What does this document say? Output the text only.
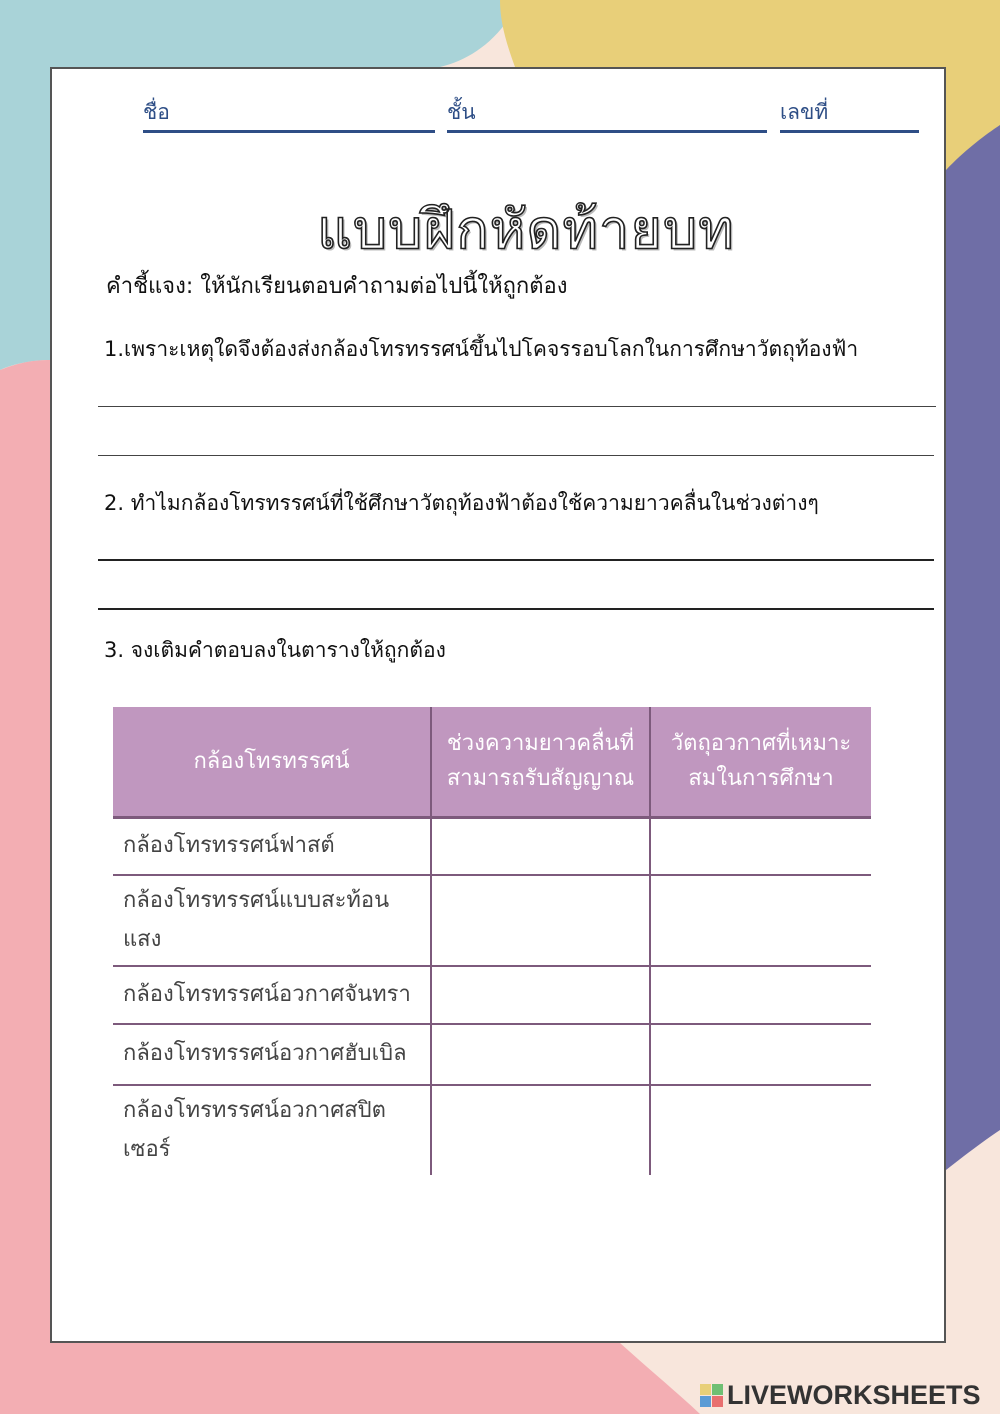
ชื่อ	ชั้น	เลขที่
แบบฝึกหัดท้ายบท
คำชี้แจง: ให้นักเรียนตอบคำถามต่อไปนี้ให้ถูกต้อง
1.เพราะเหตุใดจึงต้องส่งกล้องโทรทรรศน์ขึ้นไปโคจรรอบโลกในการศึกษาวัตถุท้องฟ้า
2. ทำไมกล้องโทรทรรศน์ที่ใช้ศึกษาวัตถุท้องฟ้าต้องใช้ความยาวคลื่นในช่วงต่างๆ
3. จงเติมคำตอบลงในตารางให้ถูกต้อง
กล้องโทรทรรศน์	ช่วงความยาวคลื่นที่สามารถรับสัญญาณ	วัตถุอวกาศที่เหมาะสมในการศึกษา
กล้องโทรทรรศน์ฟาสต์		
กล้องโทรทรรศน์แบบสะท้อนแสง		
กล้องโทรทรรศน์อวกาศจันทรา		
กล้องโทรทรรศน์อวกาศฮับเบิล		
กล้องโทรทรรศน์อวกาศสปิตเซอร์		
LIVEWORKSHEETS
